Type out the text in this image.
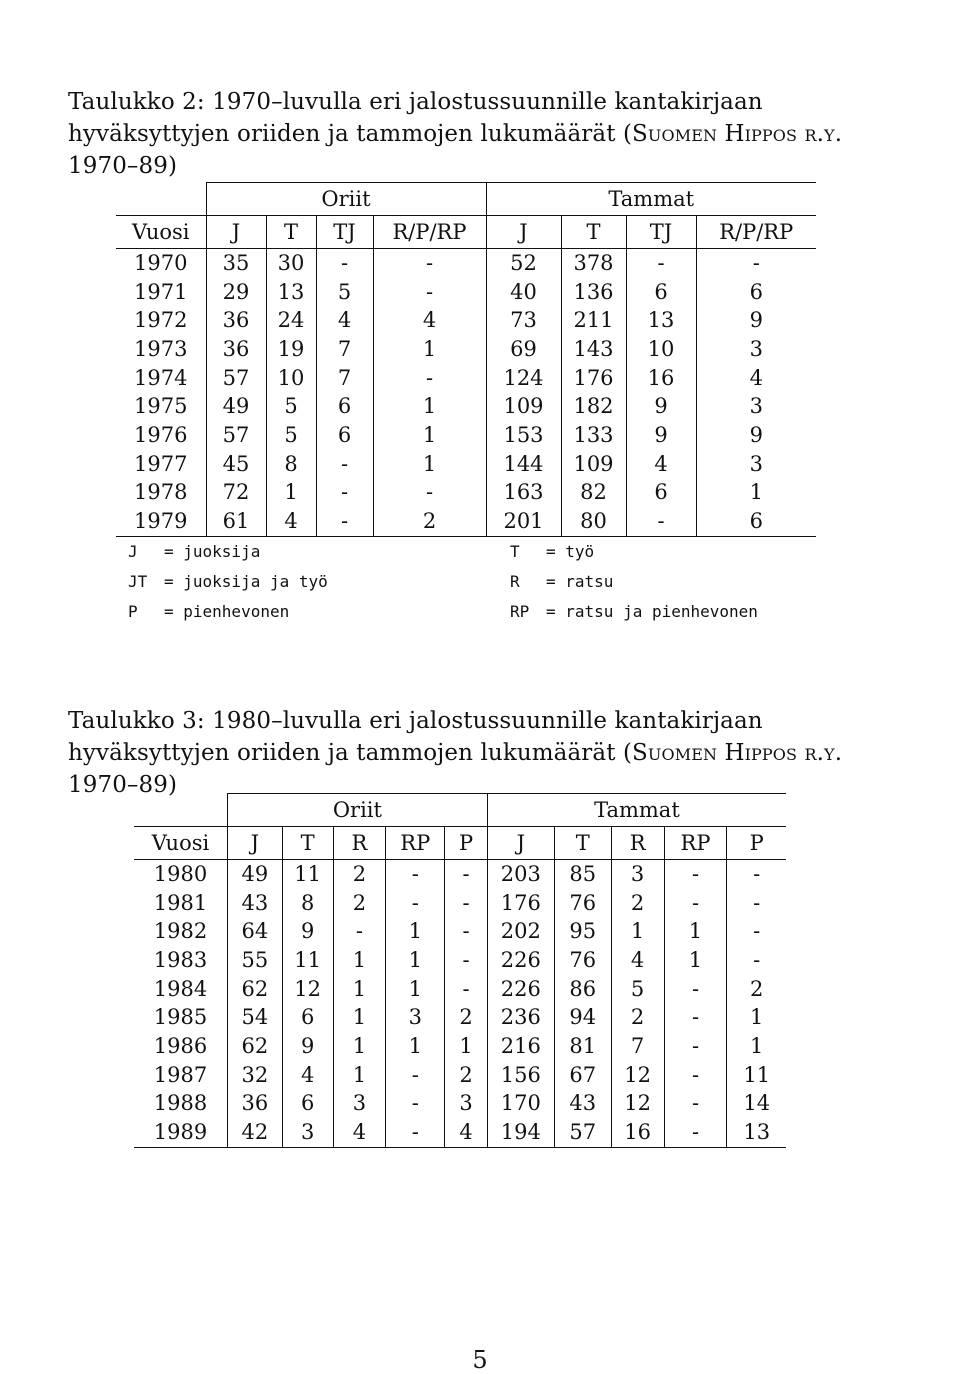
Taulukko 2: 1970–luvulla eri jalostussuunnille kantakirjaan hyväksyttyjen oriiden ja tammojen lukumäärät (Suomen Hippos r.y. 1970–89)
	Oriit				Tammat			
Vuosi	J	T	TJ	R/P/RP	J	T	TJ	R/P/RP
1970	35	30	-	-	52	378	-	-
1971	29	13	5	-	40	136	6	6
1972	36	24	4	4	73	211	13	9
1973	36	19	7	1	69	143	10	3
1974	57	10	7	-	124	176	16	4
1975	49	5	6	1	109	182	9	3
1976	57	5	6	1	153	133	9	9
1977	45	8	-	1	144	109	4	3
1978	72	1	-	-	163	82	6	1
1979	61	4	-	2	201	80	-	6
J = juoksija
JT = juoksija ja työ
P = pienhevonen
T = työ
R = ratsu
RP = ratsu ja pienhevonen
Taulukko 3: 1980–luvulla eri jalostussuunnille kantakirjaan hyväksyttyjen oriiden ja tammojen lukumäärät (Suomen Hippos r.y. 1970–89)
	Oriit					Tammat				
Vuosi	J	T	R	RP	P	J	T	R	RP	P
1980	49	11	2	-	-	203	85	3	-	-
1981	43	8	2	-	-	176	76	2	-	-
1982	64	9	-	1	-	202	95	1	1	-
1983	55	11	1	1	-	226	76	4	1	-
1984	62	12	1	1	-	226	86	5	-	2
1985	54	6	1	3	2	236	94	2	-	1
1986	62	9	1	1	1	216	81	7	-	1
1987	32	4	1	-	2	156	67	12	-	11
1988	36	6	3	-	3	170	43	12	-	14
1989	42	3	4	-	4	194	57	16	-	13
5
